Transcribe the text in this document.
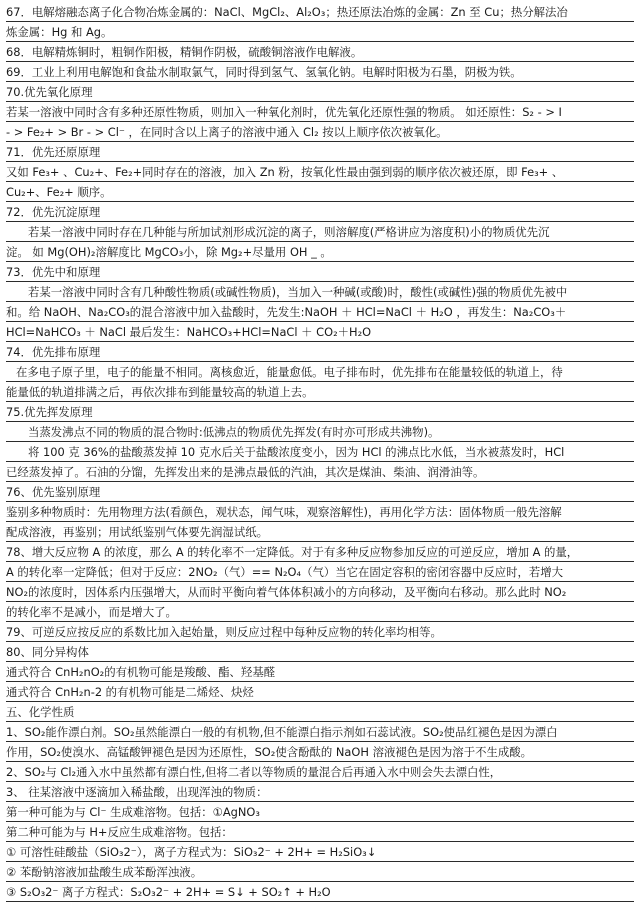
67．电解熔融态离子化合物冶炼金属的：NaCl、MgCl₂、Al₂O₃；热还原法冶炼的金属：Zn 至 Cu；热分解法冶
炼金属：Hg 和 Ag。
68．电解精炼铜时，粗铜作阳极，精铜作阴极，硫酸铜溶液作电解液。
69．工业上利用电解饱和食盐水制取氯气，同时得到氢气、氢氧化钠。电解时阳极为石墨，阴极为铁。
70.优先氧化原理
若某一溶液中同时含有多种还原性物质，则加入一种氧化剂时，优先氧化还原性强的物质。 如还原性：S₂ - > I
- > Fe₂+ > Br - > Cl⁻ ，在同时含以上离子的溶液中通入 Cl₂ 按以上顺序依次被氧化。
71．优先还原原理
又如 Fe₃+ 、Cu₂+、Fe₂+同时存在的溶液，加入 Zn 粉，按氧化性最由强到弱的顺序依次被还原，即 Fe₃+ 、
Cu₂+、Fe₂+ 顺序。
72．优先沉淀原理
若某一溶液中同时存在几种能与所加试剂形成沉淀的离子，则溶解度(严格讲应为溶度积)小的物质优先沉
淀。 如 Mg(OH)₂溶解度比 MgCO₃小，除 Mg₂+尽量用 OH _ 。
73．优先中和原理
若某一溶液中同时含有几种酸性物质(或碱性物质)，当加入一种碱(或酸)时，酸性(或碱性)强的物质优先被中
和。给 NaOH、Na₂CO₃的混合溶液中加入盐酸时，先发生:NaOH ＋ HCl=NaCl ＋ H₂O ，再发生：Na₂CO₃＋
HCl=NaHCO₃ ＋ NaCl 最后发生：NaHCO₃+HCl=NaCl ＋ CO₂＋H₂O
74．优先排布原理
在多电子原子里，电子的能量不相同。离核愈近，能量愈低。电子排布时，优先排布在能量较低的轨道上，待
能量低的轨道排满之后，再依次排布到能量较高的轨道上去。
75.优先挥发原理
当蒸发沸点不同的物质的混合物时:低沸点的物质优先挥发(有时亦可形成共沸物)。
将 100 克 36%的盐酸蒸发掉 10 克水后关于盐酸浓度变小，因为 HCl 的沸点比水低，当水被蒸发时，HCl
已经蒸发掉了。石油的分馏，先挥发出来的是沸点最低的汽油，其次是煤油、柴油、润滑油等。
76、优先鉴别原理
鉴别多种物质时：先用物理方法(看颜色，观状态，闻气味，观察溶解性)，再用化学方法：固体物质一般先溶解
配成溶液，再鉴别；用试纸鉴别气体要先润湿试纸。
78、增大反应物 A 的浓度，那么 A 的转化率不一定降低。对于有多种反应物参加反应的可逆反应，增加 A 的量，
A 的转化率一定降低；但对于反应：2NO₂（气）== N₂O₄（气）当它在固定容积的密闭容器中反应时，若增大
NO₂的浓度时，因体系内压强增大，从而时平衡向着气体体积减小的方向移动，及平衡向右移动。那么此时 NO₂
的转化率不是减小，而是增大了。
79、可逆反应按反应的系数比加入起始量，则反应过程中每种反应物的转化率均相等。
80、同分异构体
通式符合 CnH₂nO₂的有机物可能是羧酸、酯、羟基醛
通式符合 CnH₂n-2 的有机物可能是二烯烃、炔烃
五、化学性质
1、SO₂能作漂白剂。SO₂虽然能漂白一般的有机物,但不能漂白指示剂如石蕊试液。SO₂使品红褪色是因为漂白
作用，SO₂使溴水、高锰酸钾褪色是因为还原性，SO₂使含酚酞的 NaOH 溶液褪色是因为溶于不生成酸。
2、SO₂与 Cl₂通入水中虽然都有漂白性,但将二者以等物质的量混合后再通入水中则会失去漂白性，
3、 往某溶液中逐滴加入稀盐酸，出现浑浊的物质：
第一种可能为与 Cl⁻ 生成难溶物。包括：①AgNO₃
第二种可能为与 H+反应生成难溶物。包括：
① 可溶性硅酸盐（SiO₃2⁻），离子方程式为：SiO₃2⁻ + 2H+ = H₂SiO₃↓
② 苯酚钠溶液加盐酸生成苯酚浑浊液。
③ S₂O₃2⁻ 离子方程式：S₂O₃2⁻ + 2H+ = S↓ + SO₂↑ + H₂O
